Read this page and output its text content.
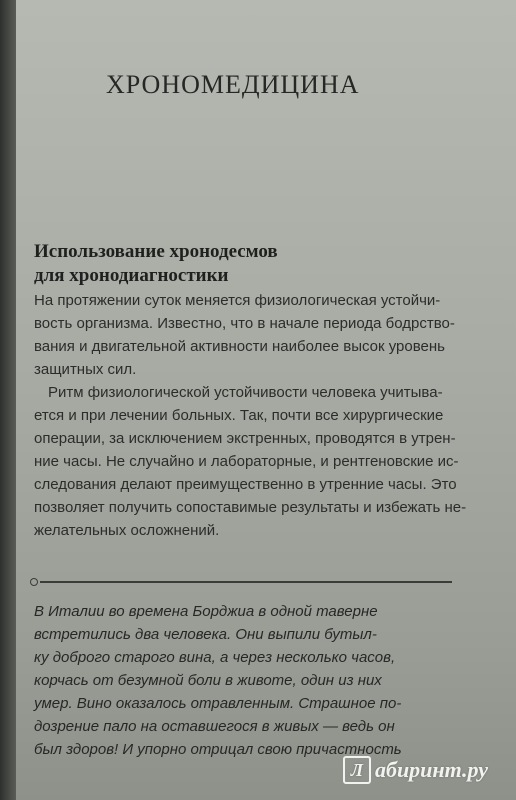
ХРОНОМЕДИЦИНА
Использование хронодесмов
для хронодиагностики
На протяжении суток меняется физиологическая устойчи-
вость организма. Известно, что в начале периода бодрство-
вания и двигательной активности наиболее высок уровень
защитных сил.
Ритм физиологической устойчивости человека учитыва-
ется и при лечении больных. Так, почти все хирургические
операции, за исключением экстренных, проводятся в утрен-
ние часы. Не случайно и лабораторные, и рентгеновские ис-
следования делают преимущественно в утренние часы. Это
позволяет получить сопоставимые результаты и избежать не-
желательных осложнений.
В Италии во времена Борджиа в одной таверне
встретились два человека. Они выпили бутыл-
ку доброго старого вина, а через несколько часов,
корчась от безумной боли в животе, один из них
умер. Вино оказалось отравленным. Страшное по-
дозрение пало на оставшегося в живых — ведь он
был здоров! И упорно отрицал свою причастность
Л абиринт.ру
